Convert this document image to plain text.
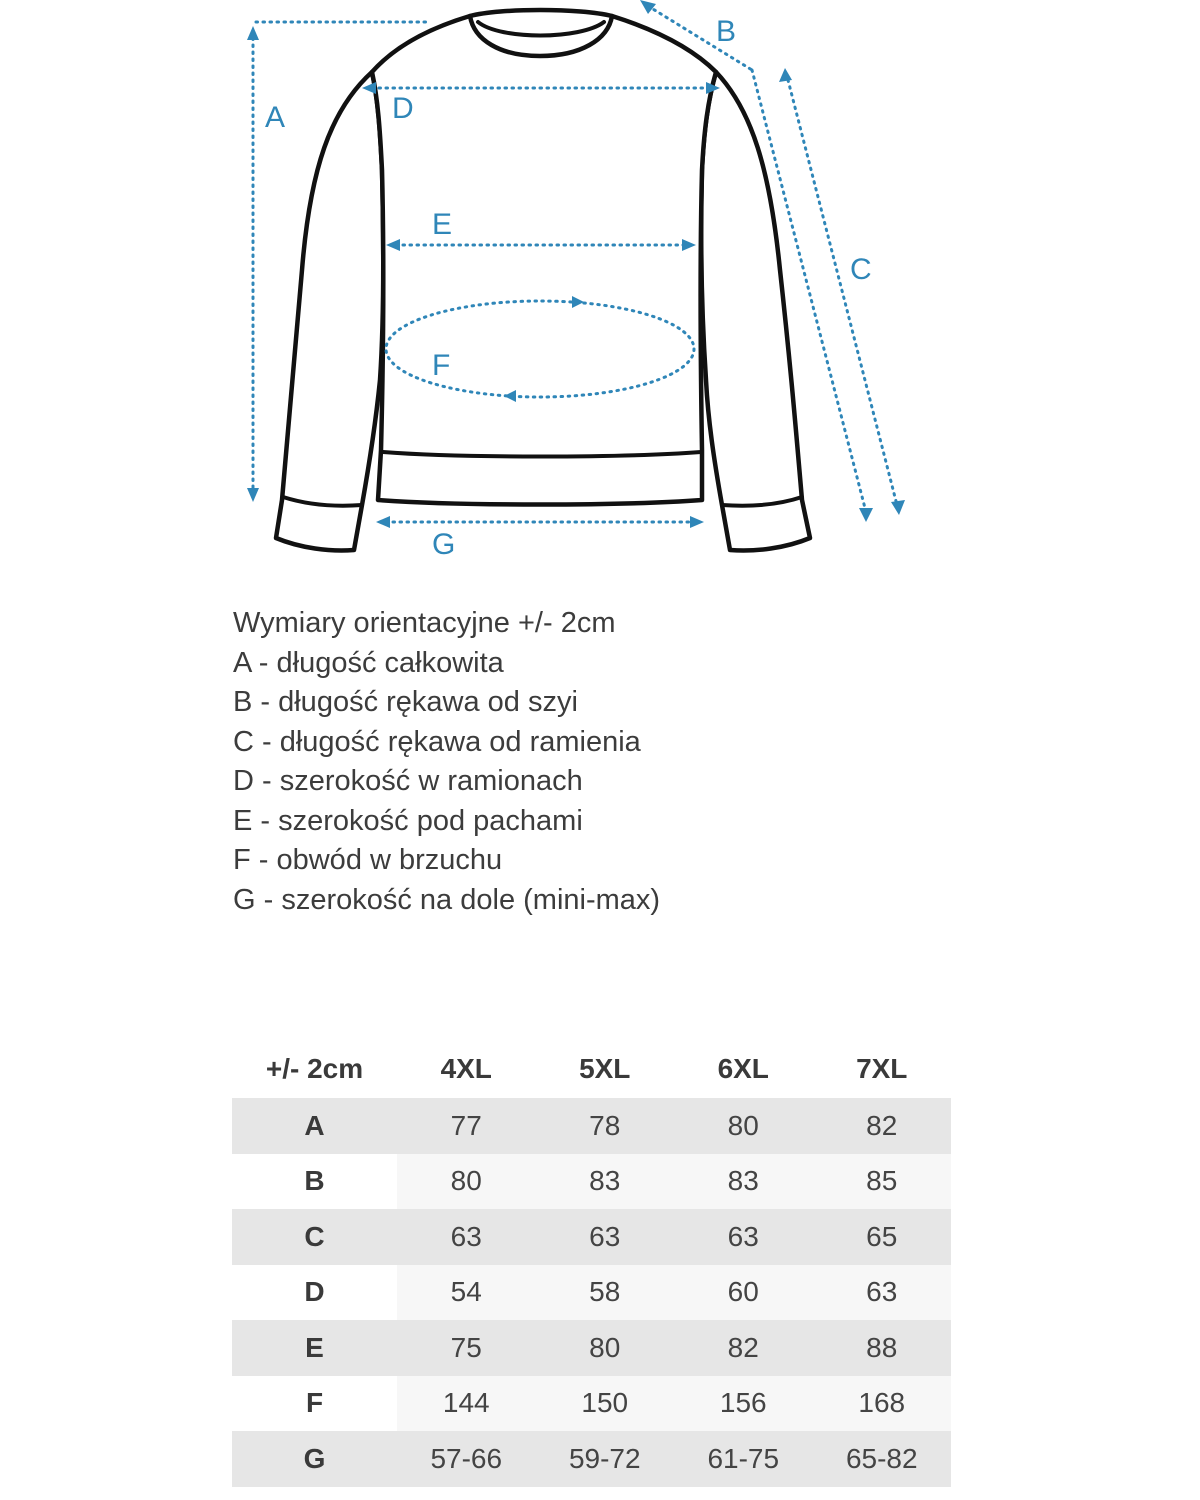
A
B
C
D
E
F
G
Wymiary orientacyjne +/- 2cm
A - długość całkowita
B - długość rękawa od szyi
C - długość rękawa od ramienia
D - szerokość w ramionach
E - szerokość pod pachami
F - obwód w brzuchu
G - szerokość na dole (mini-max)
+/- 2cm	4XL	5XL	6XL	7XL
A	77	78	80	82
B	80	83	83	85
C	63	63	63	65
D	54	58	60	63
E	75	80	82	88
F	144	150	156	168
G	57-66	59-72	61-75	65-82
